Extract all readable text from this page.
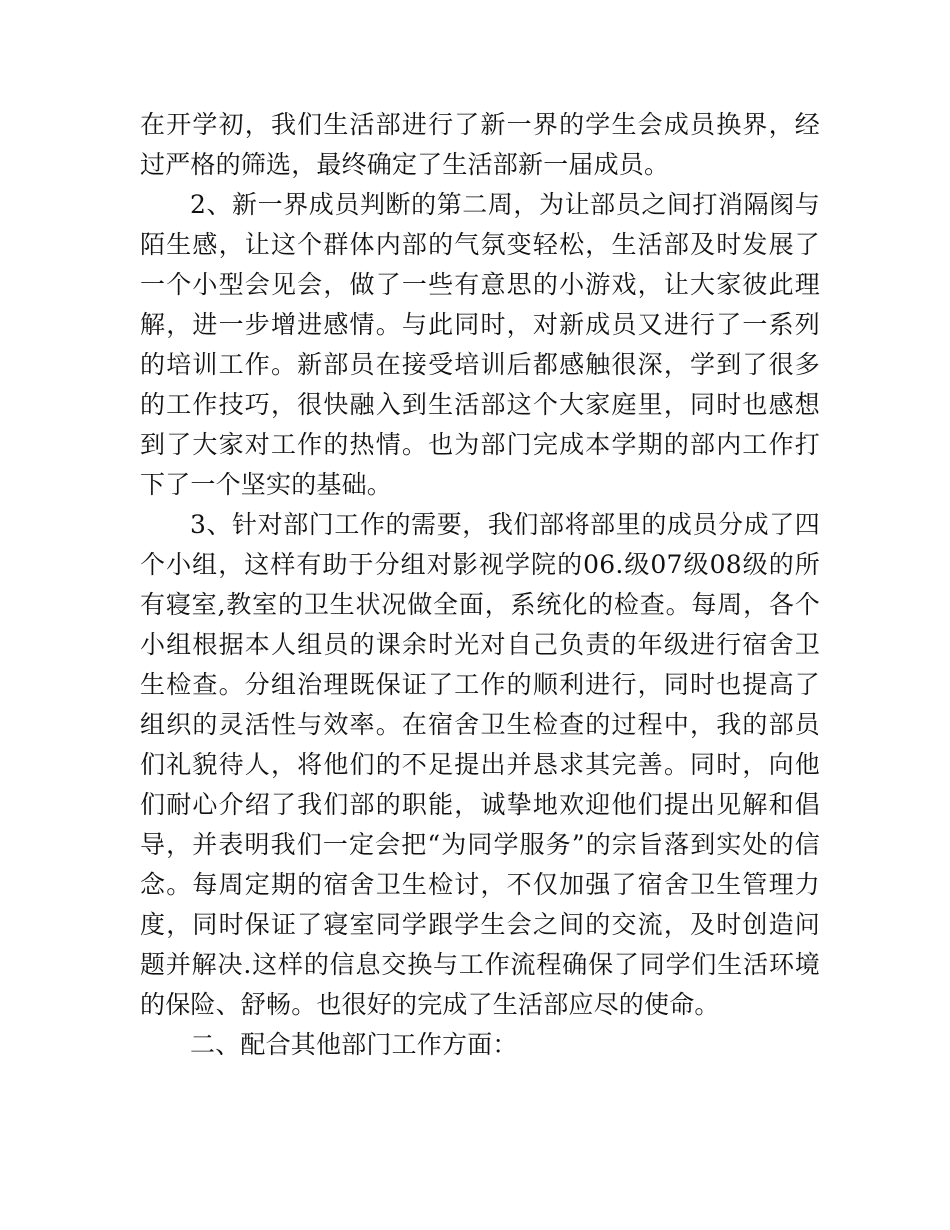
在开学初，我们生活部进行了新一界的学生会成员换界，经过严格的筛选，最终确定了生活部新一届成员。

2、新一界成员判断的第二周，为让部员之间打消隔阂与陌生感，让这个群体内部的气氛变轻松，生活部及时发展了一个小型会见会，做了一些有意思的小游戏，让大家彼此理解，进一步增进感情。与此同时，对新成员又进行了一系列的培训工作。新部员在接受培训后都感触很深，学到了很多的工作技巧，很快融入到生活部这个大家庭里，同时也感想到了大家对工作的热情。也为部门完成本学期的部内工作打下了一个坚实的基础。

3、针对部门工作的需要，我们部将部里的成员分成了四个小组，这样有助于分组对影视学院的06.级07级08级的所有寝室,教室的卫生状况做全面，系统化的检查。每周，各个小组根据本人组员的课余时光对自己负责的年级进行宿舍卫生检查。分组治理既保证了工作的顺利进行，同时也提高了组织的灵活性与效率。在宿舍卫生检查的过程中，我的部员们礼貌待人，将他们的不足提出并恳求其完善。同时，向他们耐心介绍了我们部的职能，诚挚地欢迎他们提出见解和倡导，并表明我们一定会把“为同学服务”的宗旨落到实处的信念。每周定期的宿舍卫生检讨，不仅加强了宿舍卫生管理力度，同时保证了寝室同学跟学生会之间的交流，及时创造问题并解决.这样的信息交换与工作流程确保了同学们生活环境的保险、舒畅。也很好的完成了生活部应尽的使命。

二、配合其他部门工作方面：
